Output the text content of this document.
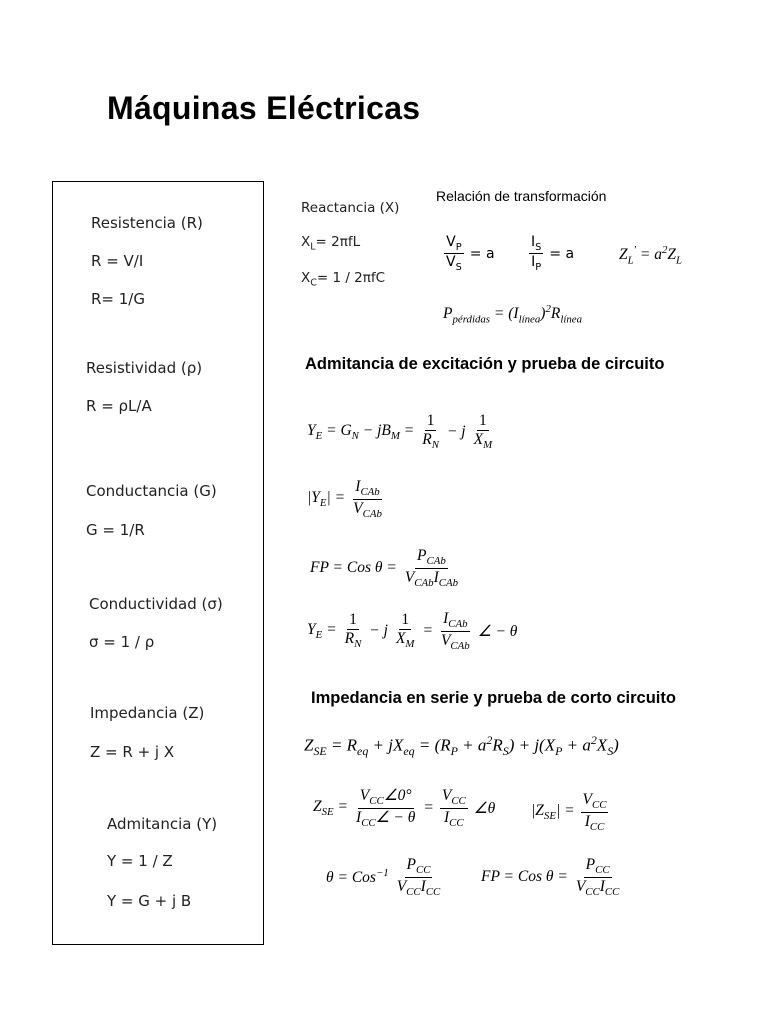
Máquinas Eléctricas
Resistencia (R)
R = V/I
R= 1/G
Resistividad (ρ)
R = ρL/A
Conductancia (G)
G = 1/R
Conductividad (σ)
σ = 1 / ρ
Impedancia (Z)
Z = R + j X
Admitancia (Y)
Y = 1 / Z
Y = G + j B
Reactancia (X)
$X_L= 2\pi fL$
$X_C= 1 / 2\pi fC$
Relación de transformación
$\frac{V_P}{V_S} = a \frac{I_S}{I_P} = a$	$Z_L' = a^2Z_L$
$P_{pérdidas} = (I_{línea})^2R_{línea}$
Admitancia de excitación y prueba de circuito
$Y_E = G_N - jB_M = \frac{1}{R_N} - j \frac{1}{X_M}$
$|Y_E| = \frac{I_{CAb}}{V_{CAb}}$
FP = Cos $\theta = \frac{P_{CAb}}{V_{CAb}I_{CAb}}$
$Y_E = \frac{1}{R_N} - j \frac{1}{X_M} = \frac{I_{CAb}}{V_{CAb}}$ ∠ − θ
Impedancia en serie y prueba de corto circuito
$Z_{SE} = R_{eq} + jX_{eq} = (R_P + a^2R_S) + j(X_P + a^2X_S)$
$Z_{SE} = \frac{V_{CC}\angle 0^\circ}{I_{CC}\angle - \theta} = \frac{V_{CC}}{I_{CC}}$ ∠θ $|Z_{SE}| = \frac{V_{CC}}{I_{CC}}$
$\theta = Cos^{-1} \frac{P_{CC}}{V_{CC}I_{CC}}$ FP = Cos $\theta = \frac{P_{CC}}{V_{CC}I_{CC}}$
